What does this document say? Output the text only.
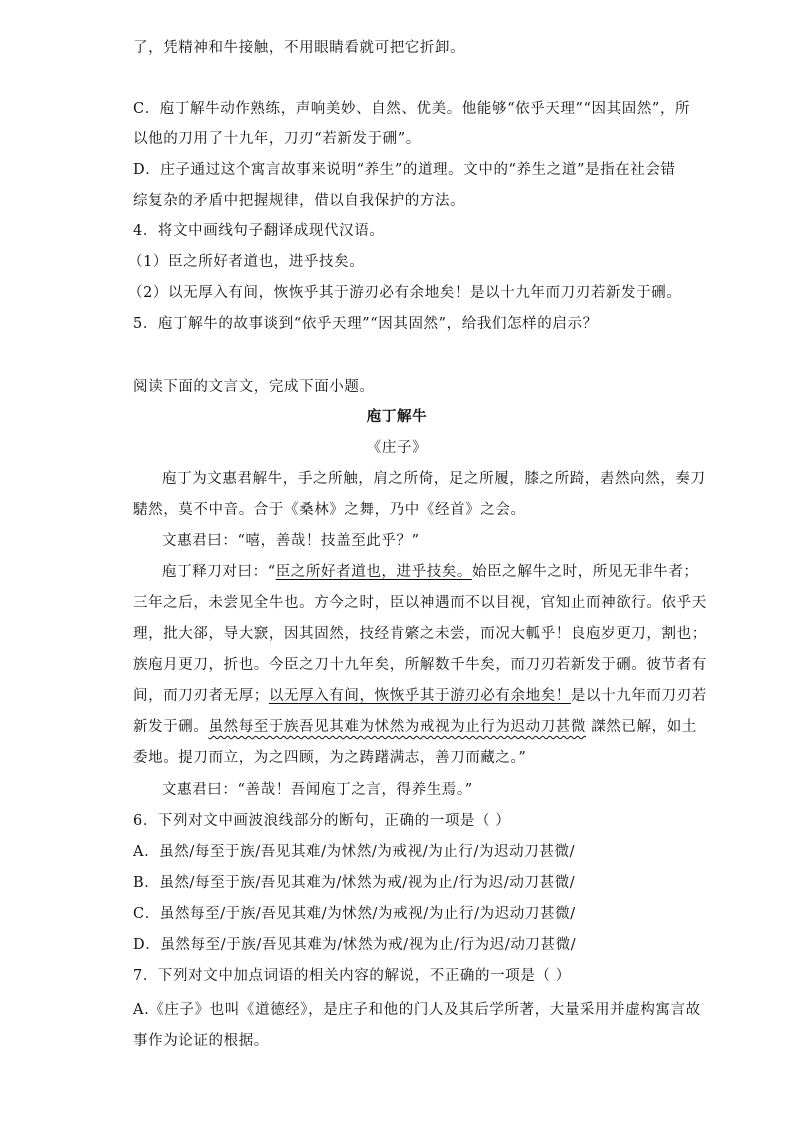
了，凭精神和牛接触，不用眼睛看就可把它折卸。
C．庖丁解牛动作熟练，声响美妙、自然、优美。他能够“依乎天理”“因其固然”，所
以他的刀用了十九年，刀刃“若新发于硎”。
D．庄子通过这个寓言故事来说明“养生”的道理。文中的“养生之道”是指在社会错
综复杂的矛盾中把握规律，借以自我保护的方法。
4．将文中画线句子翻译成现代汉语。
（1）臣之所好者道也，进乎技矣。
（2）以无厚入有间，恢恢乎其于游刃必有余地矣！是以十九年而刀刃若新发于硎。
5．庖丁解牛的故事谈到“依乎天理”“因其固然”，给我们怎样的启示？
阅读下面的文言文，完成下面小题。
庖丁解牛
《庄子》
庖丁为文惠君解牛，手之所触，肩之所倚，足之所履，膝之所踦，砉然向然，奏刀
騞然，莫不中音。合于《桑林》之舞，乃中《经首》之会。
文惠君曰：“嘻，善哉！技盖至此乎？”
庖丁释刀对曰：“臣之所好者道也，进乎技矣。始臣之解牛之时，所见无非牛者；
三年之后，未尝见全牛也。方今之时，臣以神遇而不以目视，官知止而神欲行。依乎天
理，批大郤，导大窾，因其固然，技经肯綮之未尝，而况大軱乎！良庖岁更刀，割也；
族庖月更刀，折也。今臣之刀十九年矣，所解数千牛矣，而刀刃若新发于硎。彼节者有
间，而刀刃者无厚；以无厚入有间，恢恢乎其于游刃必有余地矣！是以十九年而刀刃若
新发于硎。虽然每至于族吾见其难为怵然为戒视为止行为迟动刀甚微 謋然已解，如土
委地。提刀而立，为之四顾，为之踌躇满志，善刀而藏之。”
文惠君曰：“善哉！吾闻庖丁之言，得养生焉。”
6．下列对文中画波浪线部分的断句，正确的一项是（ ）
A．虽然/每至于族/吾见其难/为怵然/为戒视/为止行/为迟动刀甚微/
B．虽然/每至于族/吾见其难为/怵然为戒/视为止/行为迟/动刀甚微/
C．虽然每至/于族/吾见其难/为怵然/为戒视/为止行/为迟动刀甚微/
D．虽然每至/于族/吾见其难为/怵然为戒/视为止/行为迟/动刀甚微/
7．下列对文中加点词语的相关内容的解说，不正确的一项是（ ）
A.《庄子》也叫《道德经》，是庄子和他的门人及其后学所著，大量采用并虚构寓言故
事作为论证的根据。
